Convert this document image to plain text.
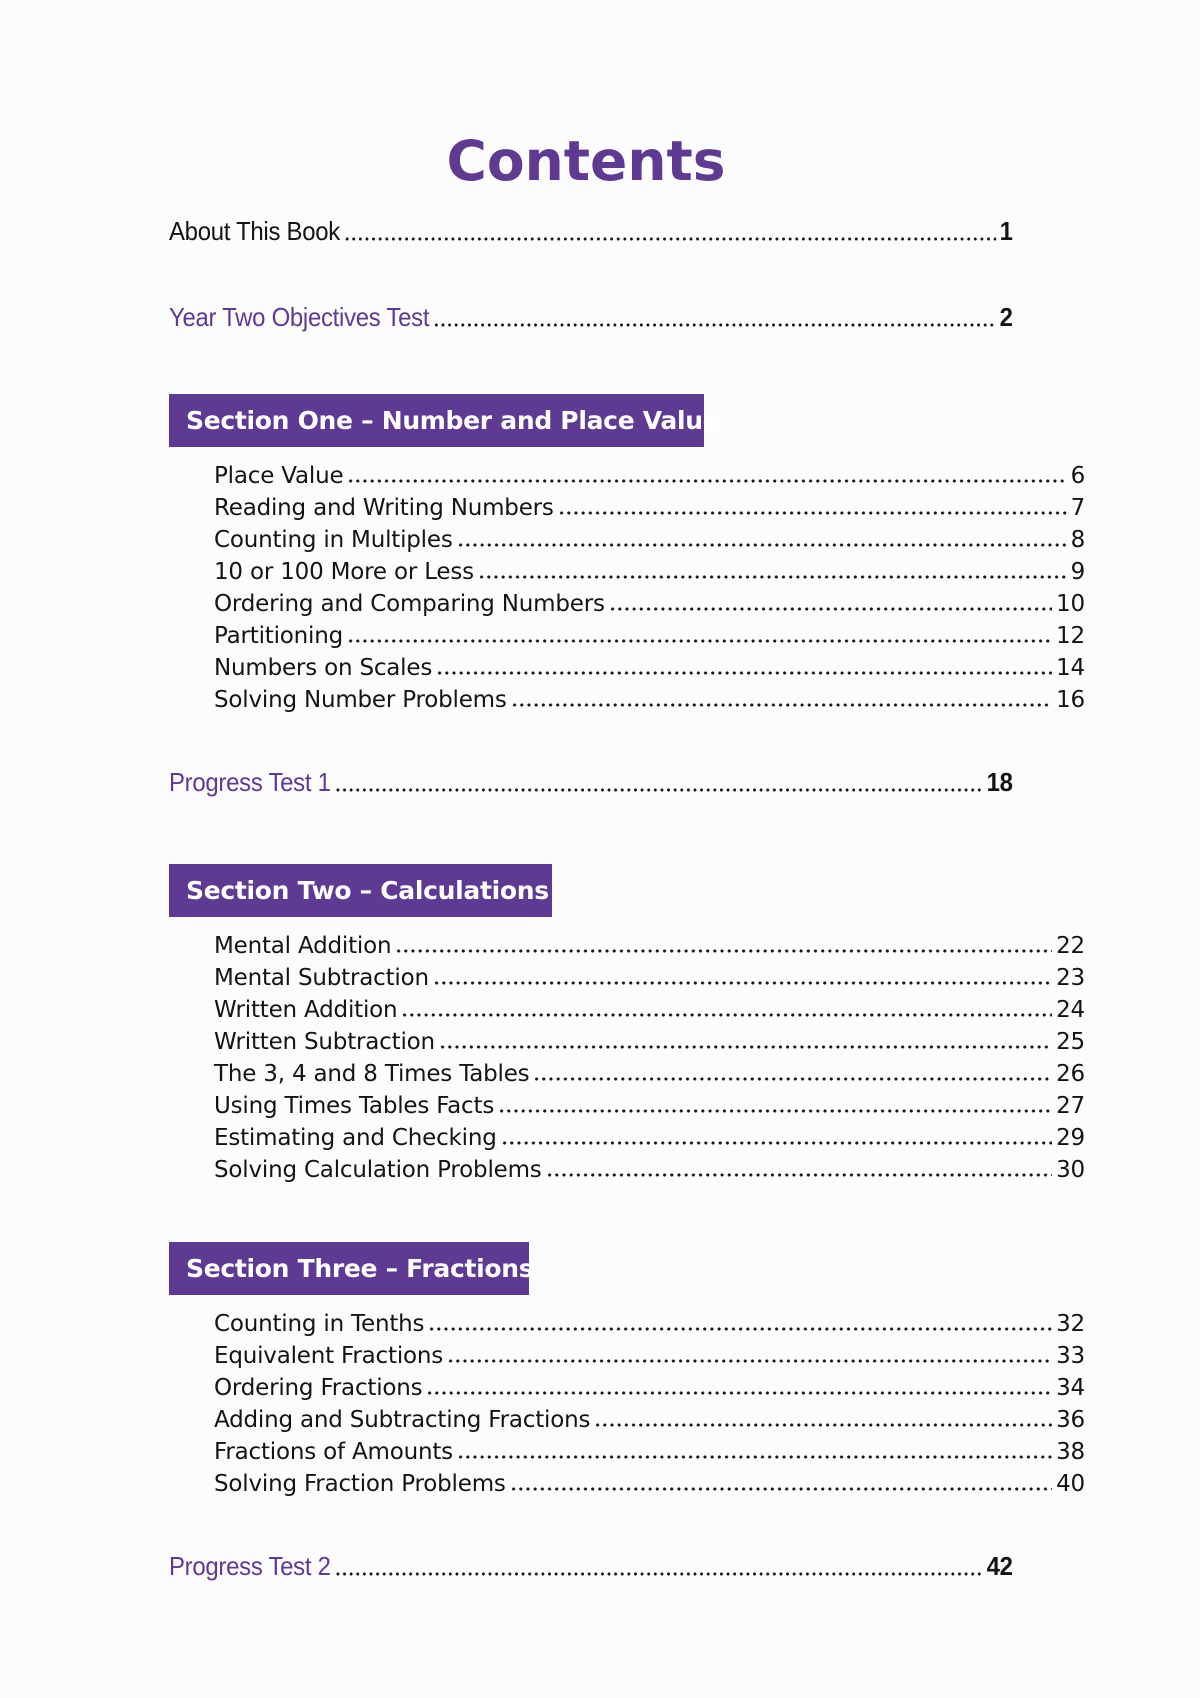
Contents
About This Book	1
Year Two Objectives Test	2
Section One – Number and Place Value
Place Value	6
Reading and Writing Numbers	7
Counting in Multiples	8
10 or 100 More or Less	9
Ordering and Comparing Numbers	10
Partitioning	12
Numbers on Scales	14
Solving Number Problems	16
Progress Test 1	18
Section Two – Calculations
Mental Addition	22
Mental Subtraction	23
Written Addition	24
Written Subtraction	25
The 3, 4 and 8 Times Tables	26
Using Times Tables Facts	27
Estimating and Checking	29
Solving Calculation Problems	30
Section Three – Fractions
Counting in Tenths	32
Equivalent Fractions	33
Ordering Fractions	34
Adding and Subtracting Fractions	36
Fractions of Amounts	38
Solving Fraction Problems	40
Progress Test 2	42
